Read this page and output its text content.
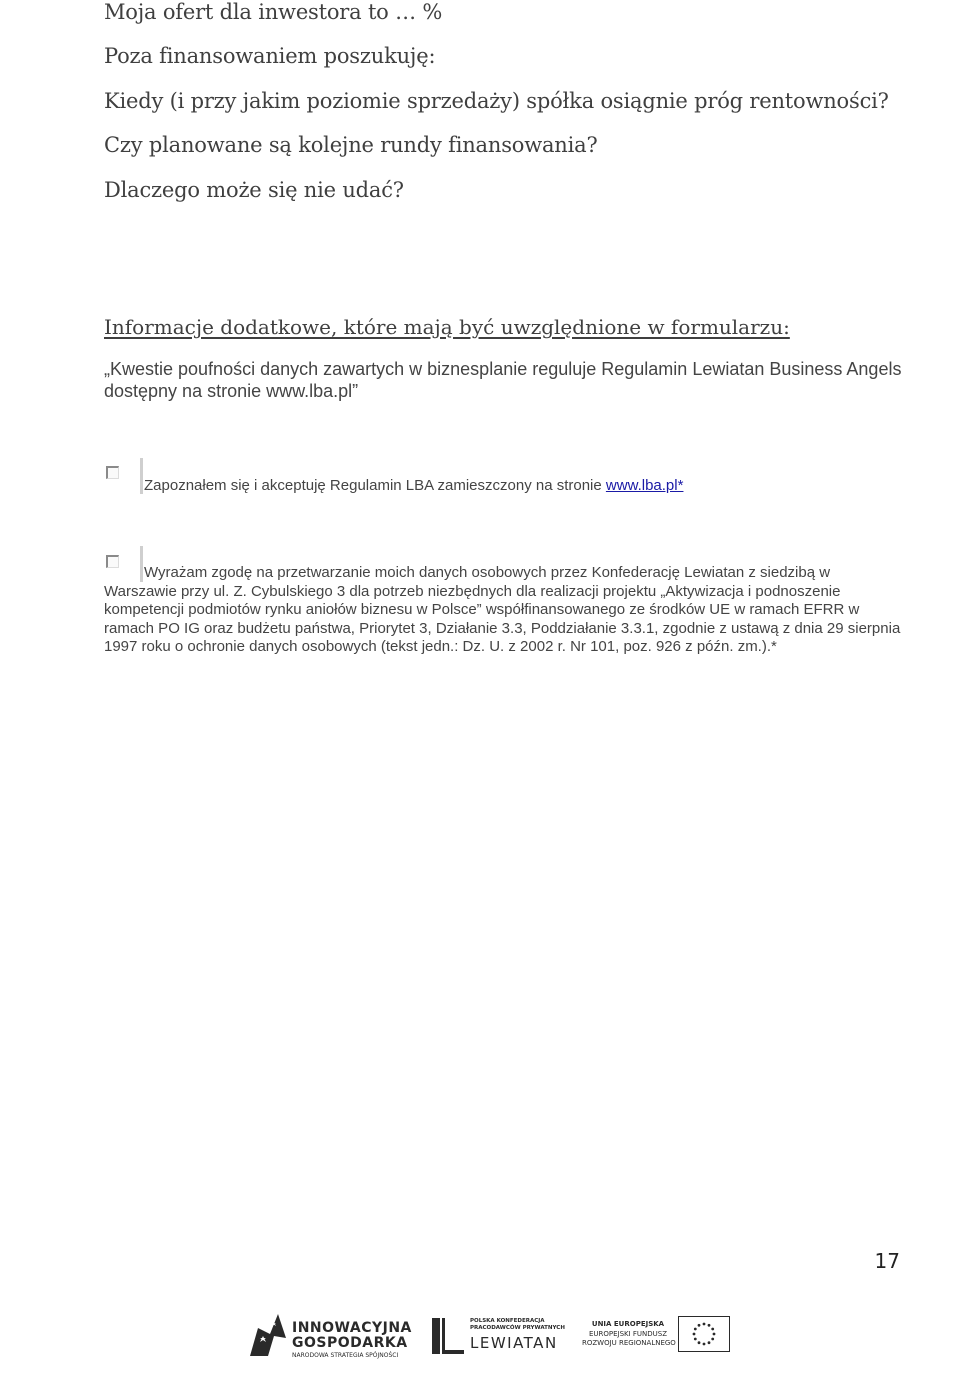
Moja ofert dla inwestora to … %
Poza finansowaniem poszukuję:
Kiedy (i przy jakim poziomie sprzedaży) spółka osiągnie próg rentowności?
Czy planowane są kolejne rundy finansowania?
Dlaczego może się nie udać?
Informacje dodatkowe, które mają być uwzględnione w formularzu:
„Kwestie poufności danych zawartych w biznesplanie reguluje Regulamin Lewiatan Business Angels dostępny na stronie www.lba.pl”
Zapoznałem się i akceptuję Regulamin LBA zamieszczony na stronie www.lba.pl*
Wyrażam zgodę na przetwarzanie moich danych osobowych przez Konfederację Lewiatan z siedzibą w Warszawie przy ul. Z. Cybulskiego 3 dla potrzeb niezbędnych dla realizacji projektu „Aktywizacja i podnoszenie kompetencji podmiotów rynku aniołów biznesu w Polsce” współfinansowanego ze środków UE w ramach EFRR w ramach PO IG oraz budżetu państwa, Priorytet 3, Działanie 3.3, Poddziałanie 3.3.1, zgodnie z ustawą z dnia 29 sierpnia 1997 roku o ochronie danych osobowych (tekst jedn.: Dz. U. z 2002 r. Nr 101, poz. 926 z późn. zm.).*
17
INNOWACYJNA
GOSPODARKA
NARODOWA STRATEGIA SPÓJNOŚCI
POLSKA KONFEDERACJA
PRACODAWCÓW PRYWATNYCH
LEWIATAN
UNIA EUROPEJSKA
EUROPEJSKI FUNDUSZ
ROZWOJU REGIONALNEGO
